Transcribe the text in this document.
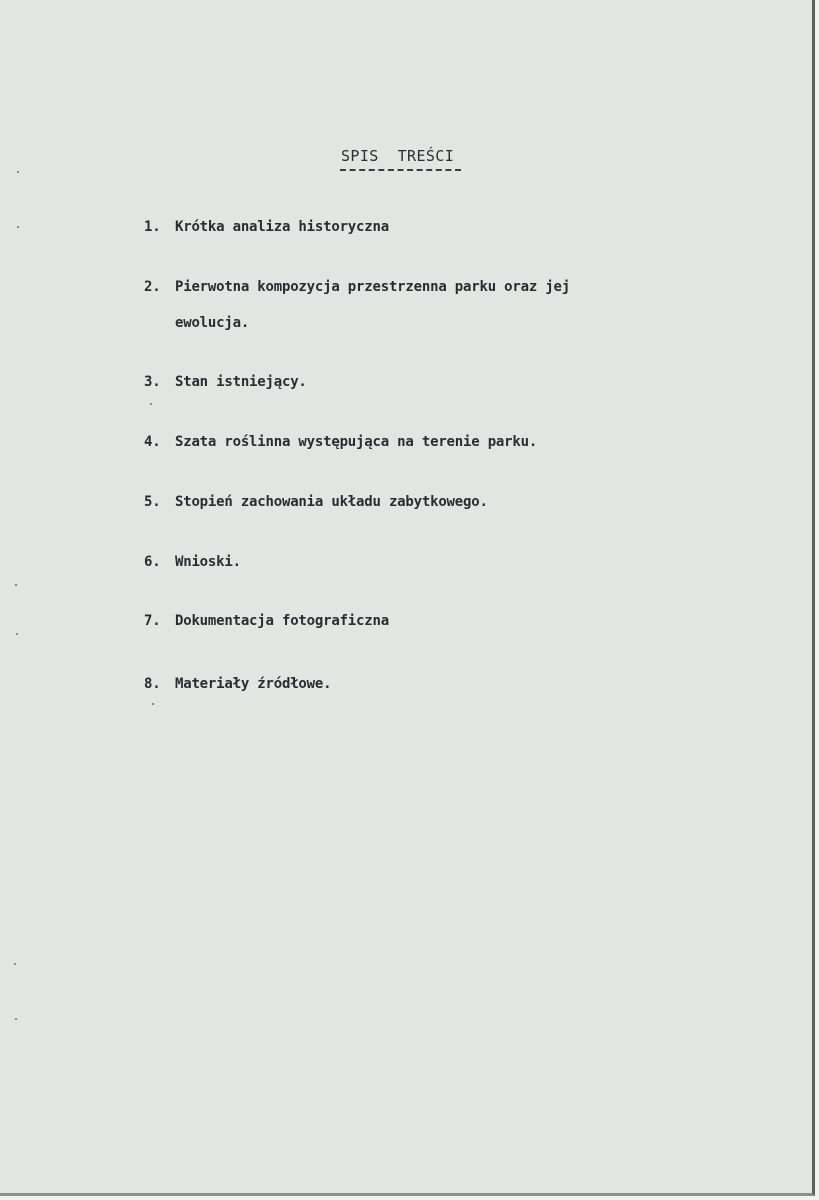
SPIS  TREŚCI
1. Krótka analiza historyczna
2. Pierwotna kompozycja przestrzenna parku oraz jej
ewolucja.
3. Stan istniejący.
4. Szata roślinna występująca na terenie parku.
5. Stopień zachowania układu zabytkowego.
6. Wnioski.
7. Dokumentacja fotograficzna
8. Materiały źródłowe.
